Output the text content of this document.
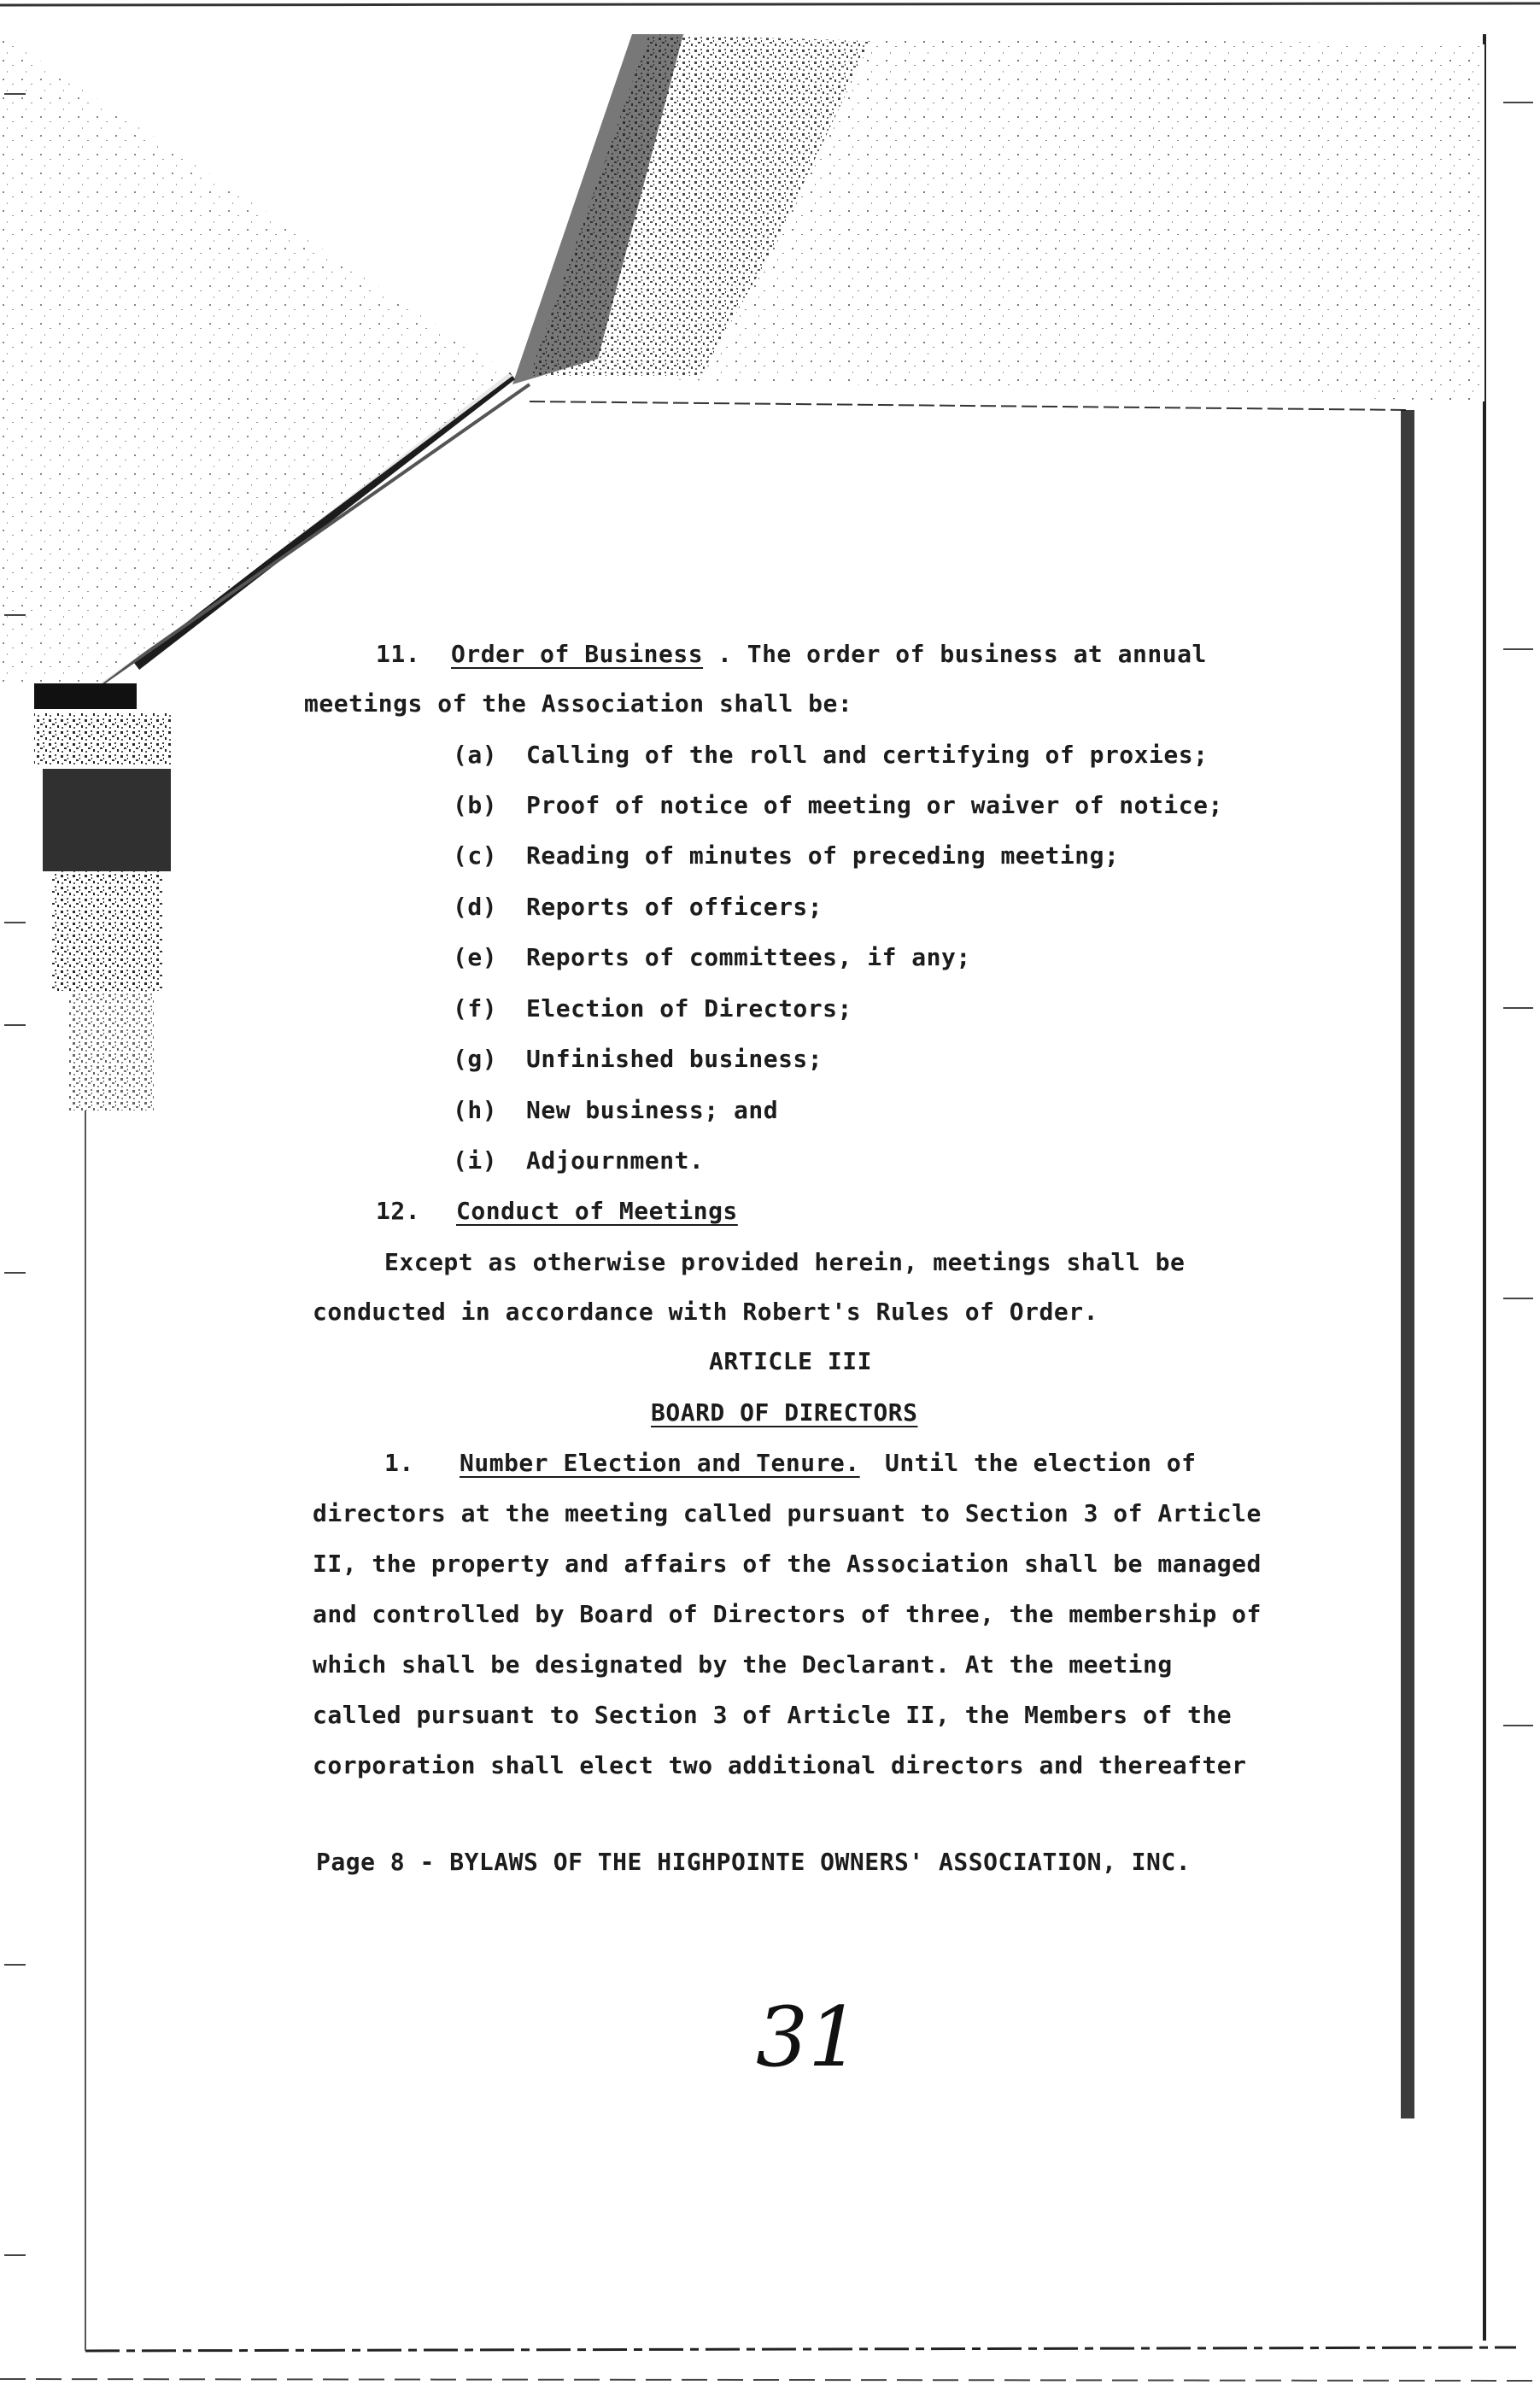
11. Order of Business . The order of business at annual
meetings of the Association shall be:
(a) Calling of the roll and certifying of proxies;
(b) Proof of notice of meeting or waiver of notice;
(c) Reading of minutes of preceding meeting;
(d) Reports of officers;
(e) Reports of committees, if any;
(f) Election of Directors;
(g) Unfinished business;
(h) New business; and
(i) Adjournment.
12. Conduct of Meetings
Except as otherwise provided herein, meetings shall be
conducted in accordance with Robert's Rules of Order.
ARTICLE III
BOARD OF DIRECTORS
1. Number Election and Tenure. Until the election of
directors at the meeting called pursuant to Section 3 of Article
II, the property and affairs of the Association shall be managed
and controlled by Board of Directors of three, the membership of
which shall be designated by the Declarant. At the meeting
called pursuant to Section 3 of Article II, the Members of the
corporation shall elect two additional directors and thereafter
Page 8 - BYLAWS OF THE HIGHPOINTE OWNERS' ASSOCIATION, INC.
31
